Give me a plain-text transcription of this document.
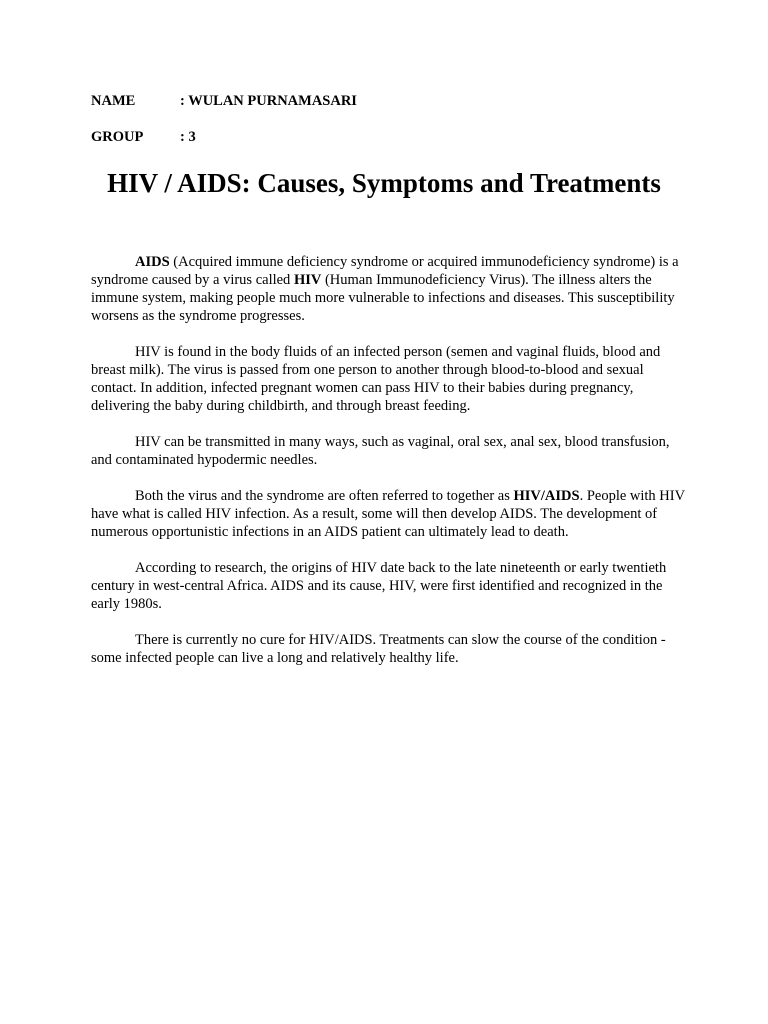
NAME	: WULAN PURNAMASARI
GROUP	: 3
HIV / AIDS: Causes, Symptoms and Treatments

AIDS (Acquired immune deficiency syndrome or acquired immunodeficiency syndrome) is a syndrome caused by a virus called HIV (Human Immunodeficiency Virus). The illness alters the immune system, making people much more vulnerable to infections and diseases. This susceptibility worsens as the syndrome progresses.

HIV is found in the body fluids of an infected person (semen and vaginal fluids, blood and breast milk). The virus is passed from one person to another through blood-to-blood and sexual contact. In addition, infected pregnant women can pass HIV to their babies during pregnancy, delivering the baby during childbirth, and through breast feeding.

HIV can be transmitted in many ways, such as vaginal, oral sex, anal sex, blood transfusion, and contaminated hypodermic needles.

Both the virus and the syndrome are often referred to together as HIV/AIDS. People with HIV have what is called HIV infection. As a result, some will then develop AIDS. The development of numerous opportunistic infections in an AIDS patient can ultimately lead to death.

According to research, the origins of HIV date back to the late nineteenth or early twentieth century in west-central Africa. AIDS and its cause, HIV, were first identified and recognized in the early 1980s.

There is currently no cure for HIV/AIDS. Treatments can slow the course of the condition - some infected people can live a long and relatively healthy life.
